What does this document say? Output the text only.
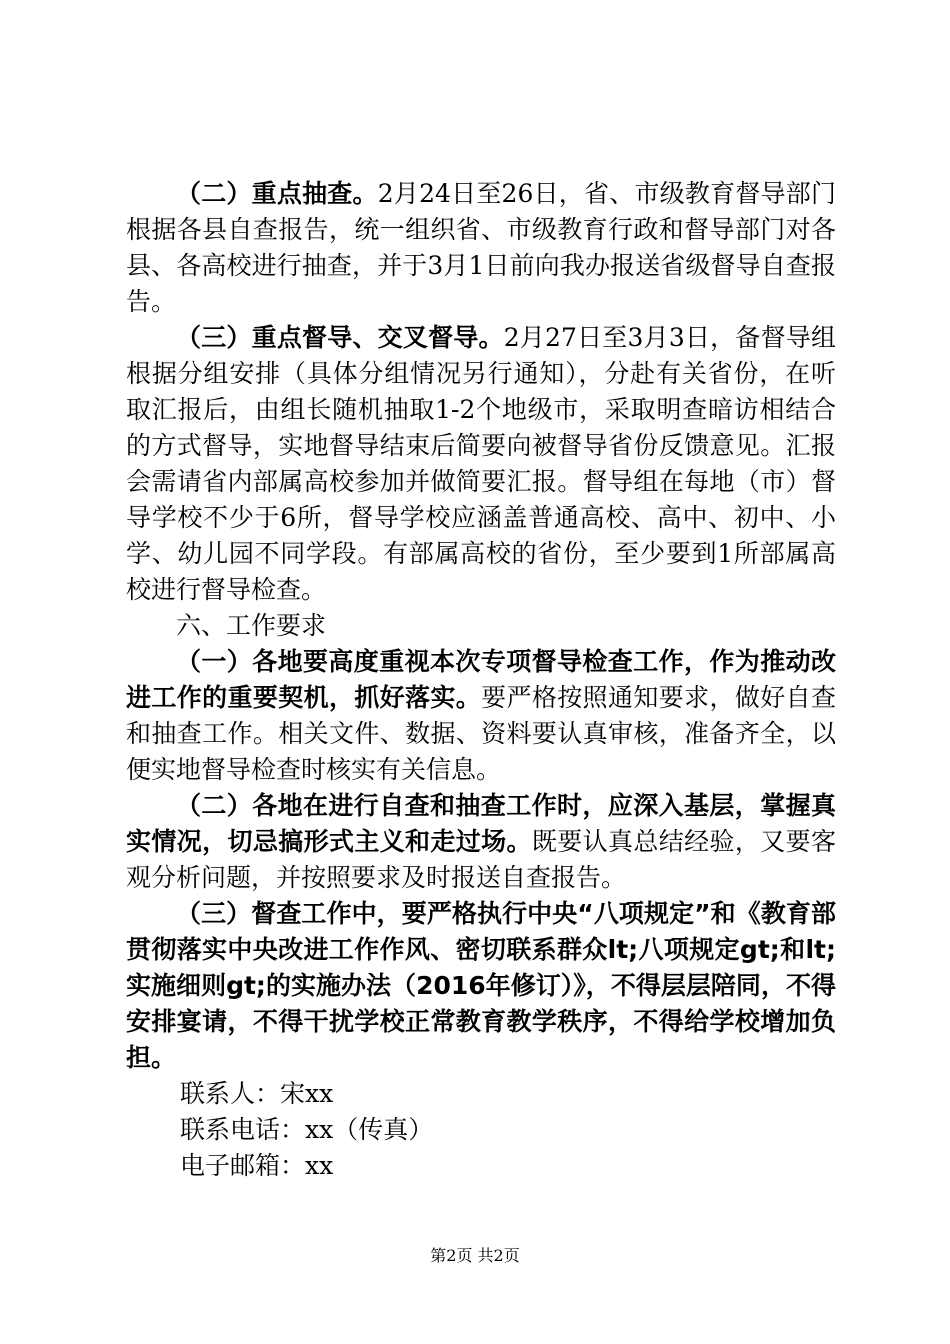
（二）重点抽查。2月24日至26日，省、市级教育督导部门根据各县自查报告，统一组织省、市级教育行政和督导部门对各县、各高校进行抽查，并于3月1日前向我办报送省级督导自查报告。

（三）重点督导、交叉督导。2月27日至3月3日，备督导组根据分组安排（具体分组情况另行通知），分赴有关省份，在听取汇报后，由组长随机抽取1-2个地级市，采取明查暗访相结合的方式督导，实地督导结束后简要向被督导省份反馈意见。汇报会需请省内部属高校参加并做简要汇报。督导组在每地（市）督导学校不少于6所，督导学校应涵盖普通高校、高中、初中、小学、幼儿园不同学段。有部属高校的省份，至少要到1所部属高校进行督导检查。

六、工作要求

（一）各地要高度重视本次专项督导检查工作，作为推动改进工作的重要契机，抓好落实。要严格按照通知要求，做好自查和抽查工作。相关文件、数据、资料要认真审核，准备齐全，以便实地督导检查时核实有关信息。

（二）各地在进行自查和抽查工作时，应深入基层，掌握真实情况，切忌搞形式主义和走过场。既要认真总结经验，又要客观分析问题，并按照要求及时报送自查报告。

（三）督查工作中，要严格执行中央“八项规定”和《教育部贯彻落实中央改进工作作风、密切联系群众lt;八项规定gt;和lt;实施细则gt;的实施办法（2016年修订）》，不得层层陪同，不得安排宴请，不得干扰学校正常教育教学秩序，不得给学校增加负担。

联系人：宋xx

联系电话：xx（传真）

电子邮箱：xx

第2页 共2页
